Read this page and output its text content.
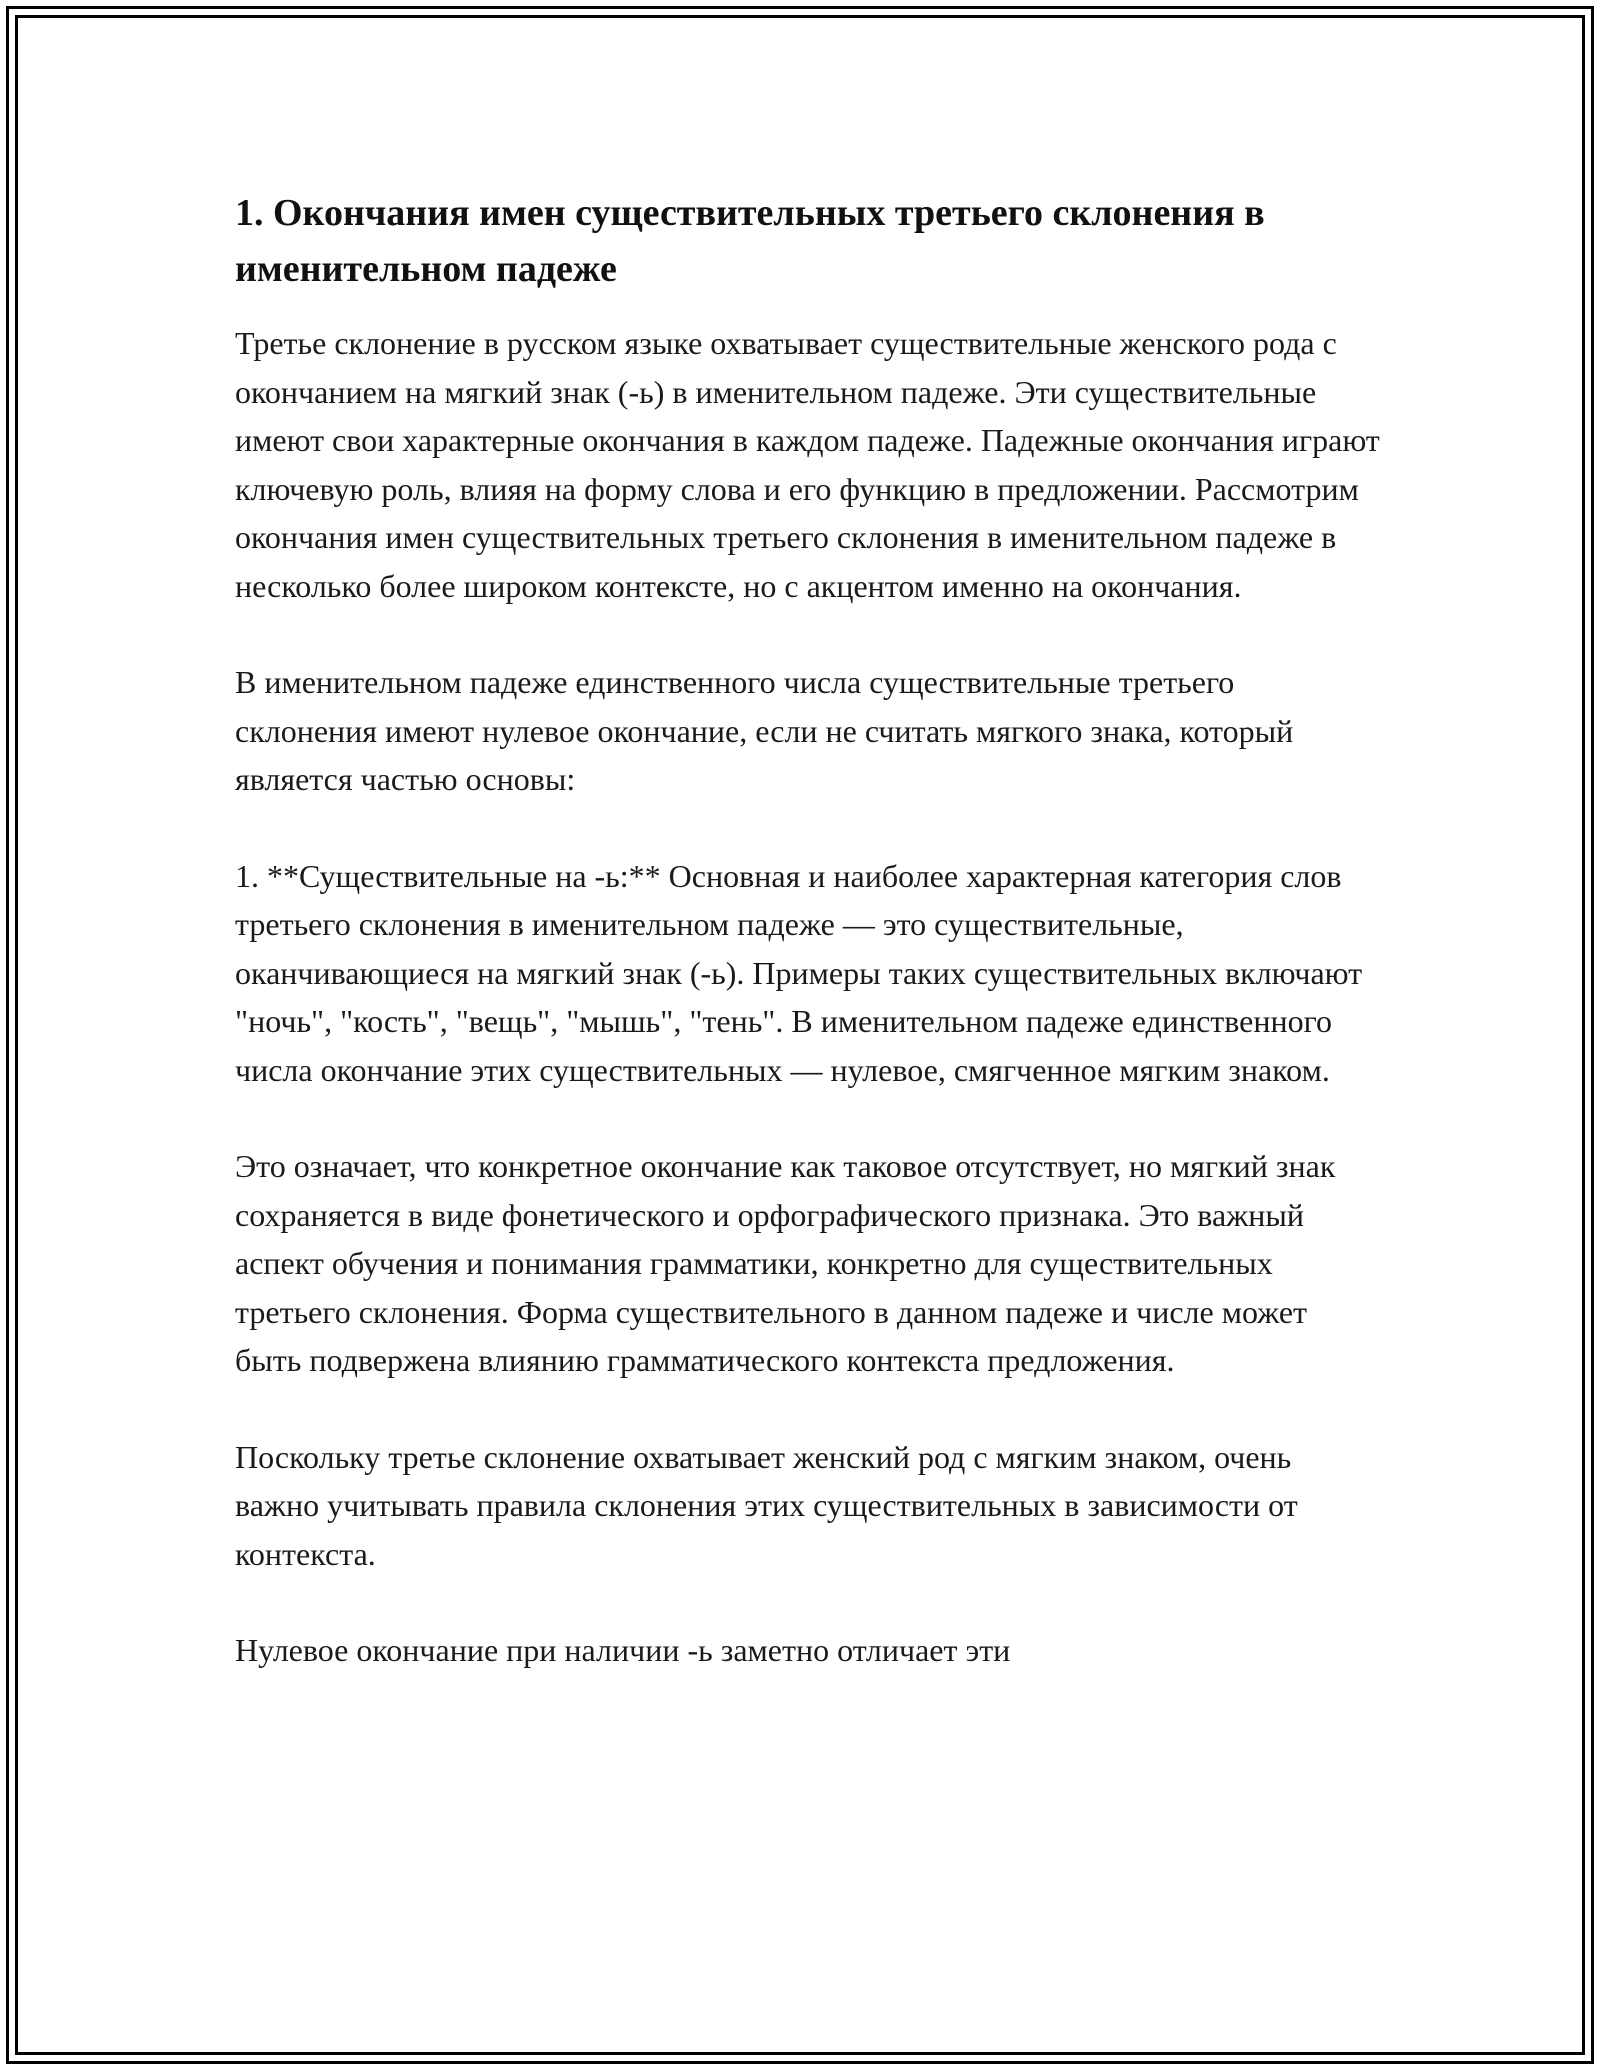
1. Окончания имен существительных третьего склонения в именительном падеже

Третье склонение в русском языке охватывает существительные женского рода с окончанием на мягкий знак (-ь) в именительном падеже. Эти существительные имеют свои характерные окончания в каждом падеже. Падежные окончания играют ключевую роль, влияя на форму слова и его функцию в предложении. Рассмотрим окончания имен существительных третьего склонения в именительном падеже в несколько более широком контексте, но с акцентом именно на окончания.

В именительном падеже единственного числа существительные третьего склонения имеют нулевое окончание, если не считать мягкого знака, который является частью основы:

1. **Существительные на -ь:** Основная и наиболее характерная категория слов третьего склонения в именительном падеже — это существительные, оканчивающиеся на мягкий знак (-ь). Примеры таких существительных включают "ночь", "кость", "вещь", "мышь", "тень". В именительном падеже единственного числа окончание этих существительных — нулевое, смягченное мягким знаком.

Это означает, что конкретное окончание как таковое отсутствует, но мягкий знак сохраняется в виде фонетического и орфографического признака. Это важный аспект обучения и понимания грамматики, конкретно для существительных третьего склонения. Форма существительного в данном падеже и числе может быть подвержена влиянию грамматического контекста предложения.

Поскольку третье склонение охватывает женский род с мягким знаком, очень важно учитывать правила склонения этих существительных в зависимости от контекста.

Нулевое окончание при наличии -ь заметно отличает эти
